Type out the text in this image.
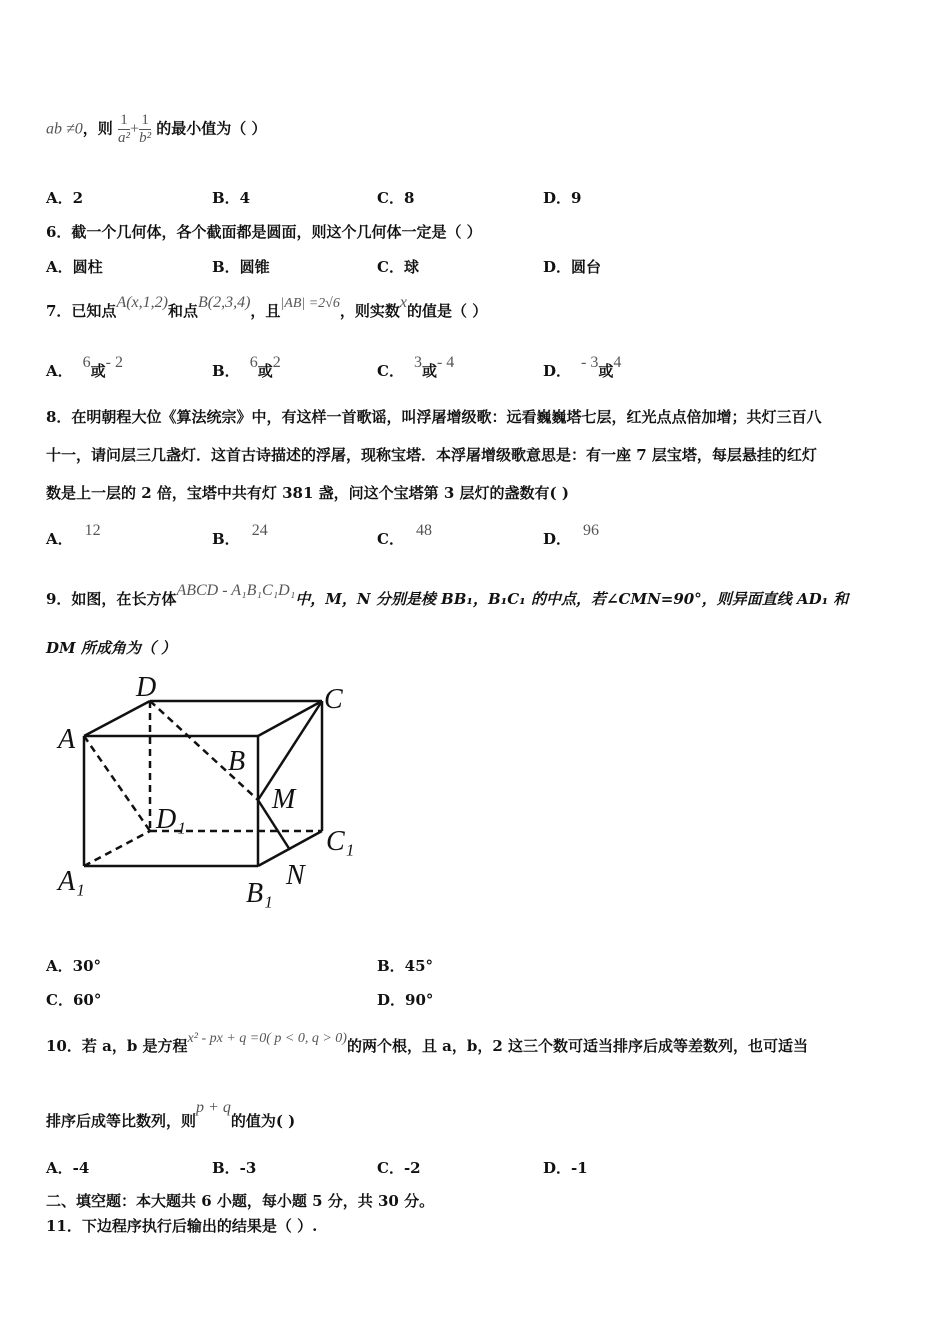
ab ≠0，则 $\frac{1}{\text{a²}} + \frac{1}{\text{b²}}$ 的最小值为（ ）
A．2	B．4	C．8	D．9
6．截一个几何体，各个截面都是圆面，则这个几何体一定是（ ）
A．圆柱	B．圆锥	C．球	D．圆台
7．已知点A(x,1,2)和点B(2,3,4)，且|AB| =2√6，则实数x的值是（ ）
A． 6或- 2	B． 6或2	C． 3或- 4	D． - 3或4
8．在明朝程大位《算法统宗》中，有这样一首歌谣，叫浮屠增级歌：远看巍巍塔七层，红光点点倍加增；共灯三百八
十一，请问层三几盏灯．这首古诗描述的浮屠，现称宝塔．本浮屠增级歌意思是：有一座 7 层宝塔，每层悬挂的红灯
数是上一层的 2 倍，宝塔中共有灯 381 盏，问这个宝塔第 3 层灯的盏数有( )
A． 12	B． 24	C． 48	D． 96
9．如图，在长方体ABCD - A₁B₁C₁D₁中，M，N 分别是棱 BB₁，B₁C₁ 的中点，若∠CMN=90°，则异面直线 AD₁ 和
DM 所成角为（ ）
D	C
A
B
M
D₁
C₁
A₁	B₁
N
A．30°	B．45°
C．60°	D．90°
10．若 a，b 是方程x² - px + q =0( p < 0, q > 0)的两个根，且 a，b，2 这三个数可适当排序后成等差数列，也可适当
排序后成等比数列，则p + q的值为( )
A．-4	B．-3	C．-2	D．-1
二、填空题：本大题共 6 小题，每小题 5 分，共 30 分。
11．下边程序执行后输出的结果是（ ）.
